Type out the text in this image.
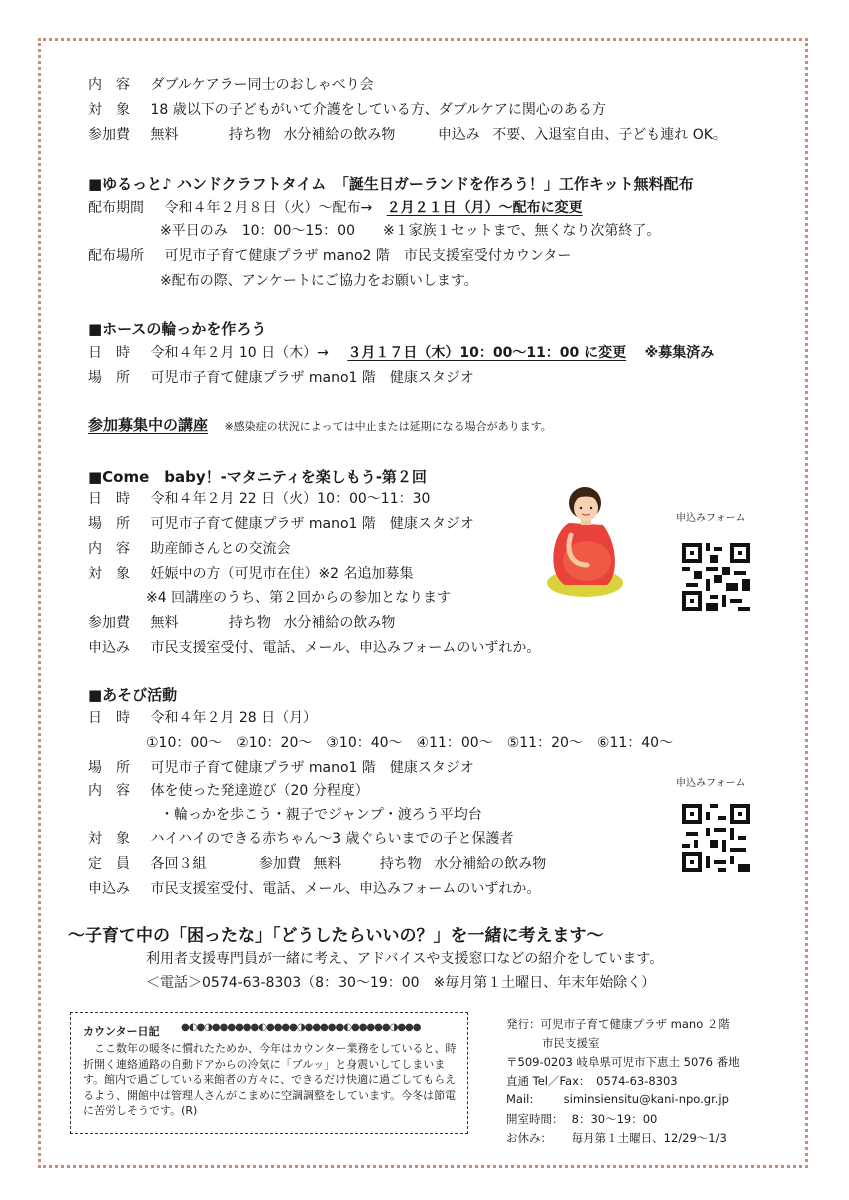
内　容 ダブルケアラー同士のおしゃべり会
対　象 18 歳以下の子どもがいて介護をしている方、ダブルケアに関心のある方
参加費 無料	持ち物 水分補給の飲み物	申込み 不要、入退室自由、子ども連れ OK。
■ゆるっと♪ ハンドクラフトタイム　「誕生日ガーランドを作ろう！」工作キット無料配布
配布期間 令和４年２月８日（火）～配布→ ２月２１日（月）～配布に変更
※平日のみ　10：00～15：00　　※１家族１セットまで、無くなり次第終了。
配布場所 可児市子育て健康プラザ mano2 階　市民支援室受付カウンター
※配布の際、アンケートにご協力をお願いします。
■ホースの輪っかを作ろう
日　時 令和４年２月 10 日（木）→ ３月１７日（木）10：00～11：00 に変更 ※募集済み
場　所 可児市子育て健康プラザ mano1 階　健康スタジオ
参加募集中の講座 ※感染症の状況によっては中止または延期になる場合があります。
■Come　baby！-マタニティを楽しもう-第２回
日　時 令和４年２月 22 日（火）10：00～11：30
場　所 可児市子育て健康プラザ mano1 階　健康スタジオ
内　容 助産師さんとの交流会
対　象 妊娠中の方（可児市在住）※2 名追加募集
※4 回講座のうち、第２回からの参加となります
参加費 無料	持ち物 水分補給の飲み物
申込み 市民支援室受付、電話、メール、申込みフォームのいずれか。
申込みフォーム
■あそび活動
日　時 令和４年２月 28 日（月）
①10：00～　②10：20～　③10：40～　④11：00～　⑤11：20～　⑥11：40～
場　所 可児市子育て健康プラザ mano1 階　健康スタジオ
内　容 体を使った発達遊び（20 分程度）
・輪っかを歩こう・親子でジャンプ・渡ろう平均台
対　象 ハイハイのできる赤ちゃん～3 歳ぐらいまでの子と保護者
定　員 各回３組	参加費 無料	持ち物 水分補給の飲み物
申込み 市民支援室受付、電話、メール、申込みフォームのいずれか。
申込みフォーム
～子育て中の「困ったな」「どうしたらいいの？」を一緒に考えます～
利用者支援専門員が一緒に考え、アドバイスや支援窓口などの紹介をしています。
＜電話＞0574-63-8303（8：30～19：00　※毎月第１土曜日、年末年始除く）
カウンター日記 ●◐●◑●●●●●●◐●●●●◑●●●●●◐●●●●●◑●●●
ここ数年の暖冬に慣れたためか、今年はカウンター業務をしていると、時折開く連絡通路の自動ドアからの冷気に「ブルッ」と身震いしてしまいます。館内で過ごしている来館者の方々に、できるだけ快適に過ごしてもらえるよう、開館中は管理人さんがこまめに空調調整をしています。今冬は節電に苦労しそうです。(R)
発行：可児市子育て健康プラザ mano ２階
市民支援室
〒509-0203 岐阜県可児市下恵土 5076 番地
直通 Tel／Fax：　0574-63-8303
Mail:	siminsiensitu@kani-npo.gr.jp
開室時間： 8：30～19：00
お休み： 毎月第１土曜日、12/29～1/3
